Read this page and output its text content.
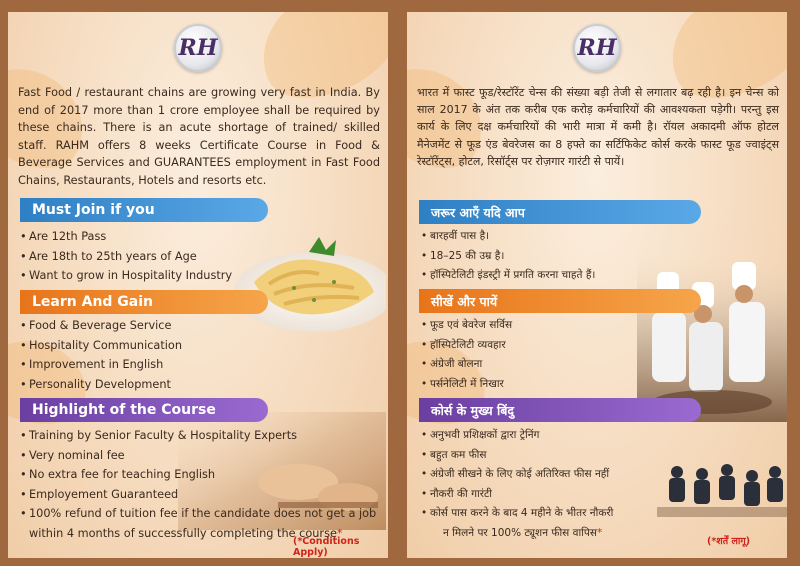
RH

Fast Food / restaurant chains are growing very fast in India. By end of 2017 more than 1 crore employee shall be required by these chains. There is an acute shortage of trained/ skilled staff. RAHM offers 8 weeks Certificate Course in Food & Beverage Services and GUARANTEES employment in Fast Food Chains, Restaurants, Hotels and resorts etc.

Must Join if you
• Are 12th Pass
• Are 18th to 25th years of Age
• Want to grow in Hospitality Industry
Learn And Gain
• Food & Beverage Service
• Hospitality Communication
• Improvement in English
• Personality Development
Highlight of the Course
• Training by Senior Faculty & Hospitality Experts
• Very nominal fee
• No extra fee for teaching English
• Employement Guaranteed
• 100% refund of tuition fee if the candidate does not get a job
within 4 months of successfully completing the course*
(*Conditions Apply)
RH

भारत में फास्ट फूड/रेस्टॉरेंट चेन्स की संख्या बड़ी तेजी से लगातार बढ़ रही है। इन चेन्स को साल 2017 के अंत तक करीब एक करोड़ कर्मचारियों की आवश्यकता पड़ेगी। परन्तु इस कार्य के लिए दक्ष कर्मचारियों की भारी मात्रा में कमी है। रॉयल अकादमी ऑफ होटल मैनेजमेंट से फूड एंड बेवरेजस का 8 हफ्ते का सर्टिफिकेट कोर्स करके फास्ट फूड ज्वाइंट्स रेस्टॉरेंट्स, होटल, रिसॉर्ट्स पर रोज़गार गारंटी से पायें।

जरूर आएँ यदि आप
• बारहवीं पास है।
• 18–25 की उम्र है।
• हॉस्पिटेलिटी इंडस्ट्री में प्रगति करना चाहते हैं।
सीखें और पायें
• फूड एवं बेवरेज सर्विस
• हॉस्पिटेलिटी व्यवहार
• अंग्रेजी बोलना
• पर्सनेलिटी में निखार
कोर्स के मुख्य बिंदु
• अनुभवी प्रशिक्षकों द्वारा ट्रेनिंग
• बहुत कम फीस
• अंग्रेजी सीखने के लिए कोई अतिरिक्त फीस नहीं
• नौकरी की गारंटी
• कोर्स पास करने के बाद 4 महीने के भीतर नौकरी
न मिलने पर 100% ट्यूशन फीस वापिस*
(*शर्तें लागू)
